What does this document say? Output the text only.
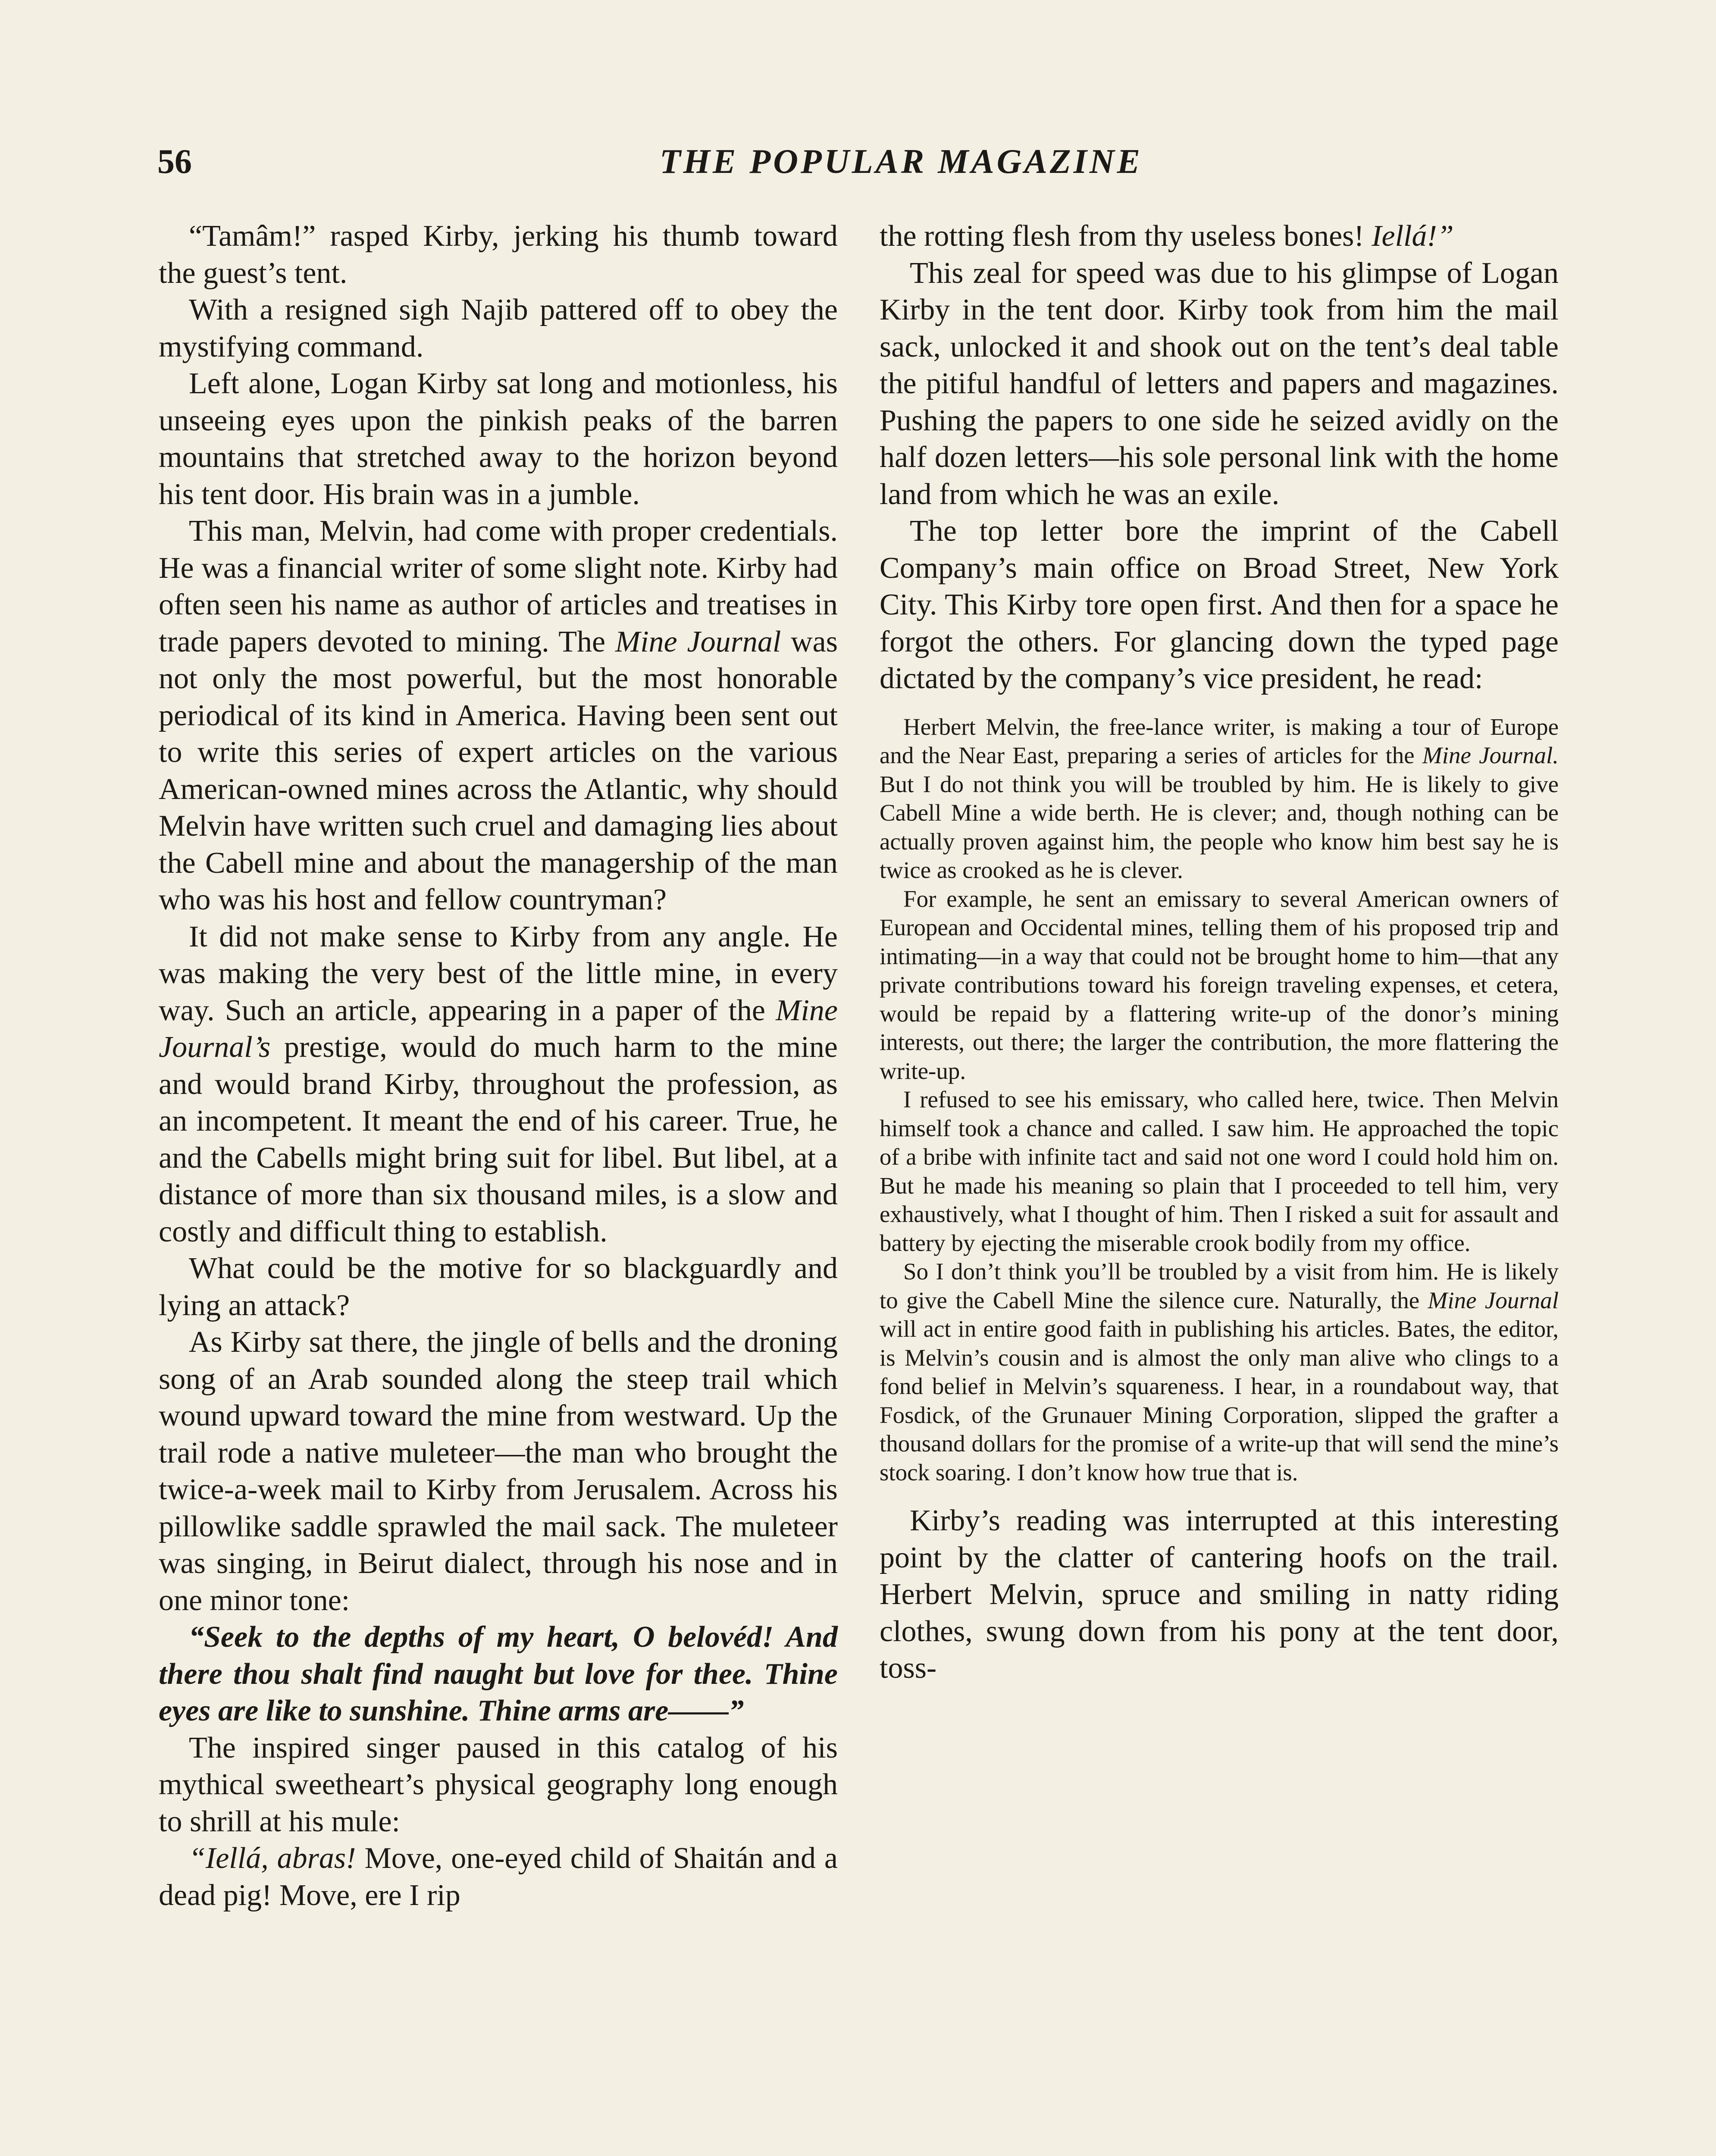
56	THE POPULAR MAGAZINE

“Tamâm!” rasped Kirby, jerking his thumb toward the guest’s tent.

With a resigned sigh Najib pattered off to obey the mystifying command.

Left alone, Logan Kirby sat long and motionless, his unseeing eyes upon the pinkish peaks of the barren mountains that stretched away to the horizon beyond his tent door. His brain was in a jumble.

This man, Melvin, had come with proper credentials. He was a financial writer of some slight note. Kirby had often seen his name as author of articles and treatises in trade papers devoted to mining. The Mine Journal was not only the most powerful, but the most honorable periodical of its kind in America. Having been sent out to write this series of expert articles on the various American-owned mines across the Atlantic, why should Melvin have written such cruel and damaging lies about the Cabell mine and about the managership of the man who was his host and fellow countryman?

It did not make sense to Kirby from any angle. He was making the very best of the little mine, in every way. Such an article, appearing in a paper of the Mine Journal’s prestige, would do much harm to the mine and would brand Kirby, throughout the profession, as an incompetent. It meant the end of his career. True, he and the Cabells might bring suit for libel. But libel, at a distance of more than six thousand miles, is a slow and costly and difficult thing to establish.

What could be the motive for so blackguardly and lying an attack?

As Kirby sat there, the jingle of bells and the droning song of an Arab sounded along the steep trail which wound upward toward the mine from westward. Up the trail rode a native muleteer—the man who brought the twice-a-week mail to Kirby from Jerusalem. Across his pillowlike saddle sprawled the mail sack. The muleteer was singing, in Beirut dialect, through his nose and in one minor tone:

“Seek to the depths of my heart, O belovéd! And there thou shalt find naught but love for thee. Thine eyes are like to sunshine. Thine arms are——”

The inspired singer paused in this catalog of his mythical sweetheart’s physical geography long enough to shrill at his mule:

“Iellá, abras! Move, one-eyed child of Shaitán and a dead pig! Move, ere I rip

the rotting flesh from thy useless bones! Iellá!”

This zeal for speed was due to his glimpse of Logan Kirby in the tent door. Kirby took from him the mail sack, unlocked it and shook out on the tent’s deal table the pitiful handful of letters and papers and magazines. Pushing the papers to one side he seized avidly on the half dozen letters—his sole personal link with the home land from which he was an exile.

The top letter bore the imprint of the Cabell Company’s main office on Broad Street, New York City. This Kirby tore open first. And then for a space he forgot the others. For glancing down the typed page dictated by the company’s vice president, he read:

Herbert Melvin, the free-lance writer, is making a tour of Europe and the Near East, preparing a series of articles for the Mine Journal. But I do not think you will be troubled by him. He is likely to give Cabell Mine a wide berth. He is clever; and, though nothing can be actually proven against him, the people who know him best say he is twice as crooked as he is clever.

For example, he sent an emissary to several American owners of European and Occidental mines, telling them of his proposed trip and intimating—in a way that could not be brought home to him—that any private contributions toward his foreign traveling expenses, et cetera, would be repaid by a flattering write-up of the donor’s mining interests, out there; the larger the contribution, the more flattering the write-up.

I refused to see his emissary, who called here, twice. Then Melvin himself took a chance and called. I saw him. He approached the topic of a bribe with infinite tact and said not one word I could hold him on. But he made his meaning so plain that I proceeded to tell him, very exhaustively, what I thought of him. Then I risked a suit for assault and battery by ejecting the miserable crook bodily from my office.

So I don’t think you’ll be troubled by a visit from him. He is likely to give the Cabell Mine the silence cure. Naturally, the Mine Journal will act in entire good faith in publishing his articles. Bates, the editor, is Melvin’s cousin and is almost the only man alive who clings to a fond belief in Melvin’s squareness. I hear, in a roundabout way, that Fosdick, of the Grunauer Mining Corporation, slipped the grafter a thousand dollars for the promise of a write-up that will send the mine’s stock soaring. I don’t know how true that is.

Kirby’s reading was interrupted at this interesting point by the clatter of cantering hoofs on the trail. Herbert Melvin, spruce and smiling in natty riding clothes, swung down from his pony at the tent door, toss-
